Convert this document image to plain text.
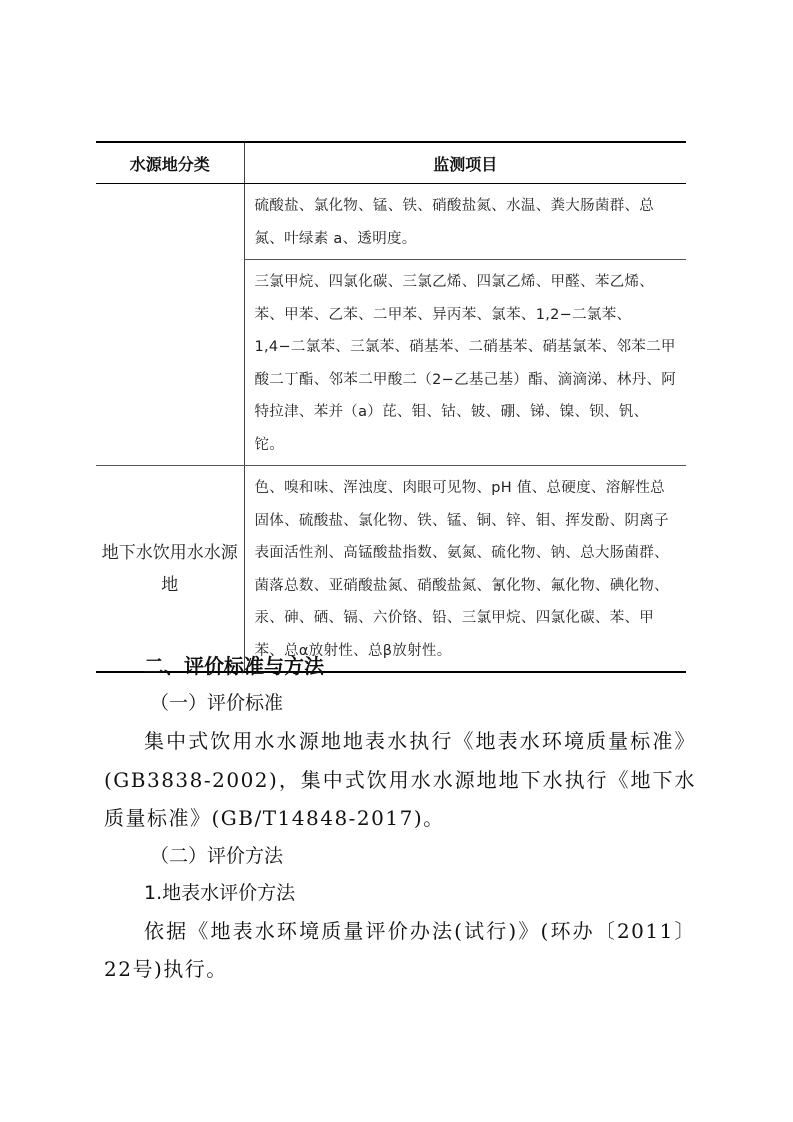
水源地分类	监测项目
	硫酸盐、氯化物、锰、铁、硝酸盐氮、水温、粪大肠菌群、总氮、叶绿素 a、透明度。
	三氯甲烷、四氯化碳、三氯乙烯、四氯乙烯、甲醛、苯乙烯、苯、甲苯、乙苯、二甲苯、异丙苯、氯苯、1,2−二氯苯、1,4−二氯苯、三氯苯、硝基苯、二硝基苯、硝基氯苯、邻苯二甲酸二丁酯、邻苯二甲酸二（2−乙基己基）酯、滴滴涕、林丹、阿特拉津、苯并（a）芘、钼、钴、铍、硼、锑、镍、钡、钒、铊。
地下水饮用水水源地	色、嗅和味、浑浊度、肉眼可见物、pH 值、总硬度、溶解性总固体、硫酸盐、氯化物、铁、锰、铜、锌、钼、挥发酚、阴离子表面活性剂、高锰酸盐指数、氨氮、硫化物、钠、总大肠菌群、菌落总数、亚硝酸盐氮、硝酸盐氮、氰化物、氟化物、碘化物、汞、砷、硒、镉、六价铬、铅、三氯甲烷、四氯化碳、苯、甲苯、总α放射性、总β放射性。
二、评价标准与方法
（一）评价标准

集中式饮用水水源地地表水执行《地表水环境质量标准》(GB3838-2002)，集中式饮用水水源地地下水执行《地下水质量标准》(GB/T14848-2017)。

（二）评价方法
1.地表水评价方法

依据《地表水环境质量评价办法(试行)》(环办〔2011〕22号)执行。
